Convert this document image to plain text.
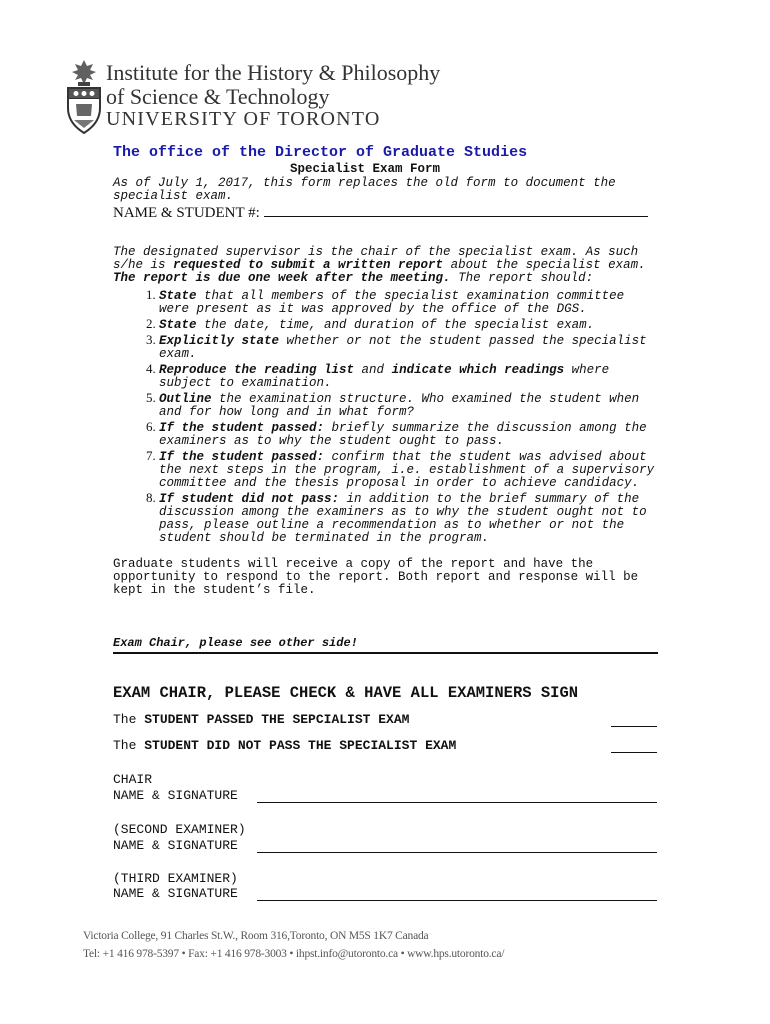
Institute for the History & Philosophy
of Science & Technology
UNIVERSITY OF TORONTO
The office of the Director of Graduate Studies
Specialist Exam Form
As of July 1, 2017, this form replaces the old form to document the specialist exam.
NAME & STUDENT #:
The designated supervisor is the chair of the specialist exam. As such s/he is requested to submit a written report about the specialist exam. The report is due one week after the meeting. The report should:
1. State that all members of the specialist examination committee were present as it was approved by the office of the DGS.
2. State the date, time, and duration of the specialist exam.
3. Explicitly state whether or not the student passed the specialist exam.
4. Reproduce the reading list and indicate which readings where subject to examination.
5. Outline the examination structure. Who examined the student when and for how long and in what form?
6. If the student passed: briefly summarize the discussion among the examiners as to why the student ought to pass.
7. If the student passed: confirm that the student was advised about the next steps in the program, i.e. establishment of a supervisory committee and the thesis proposal in order to achieve candidacy.
8. If student did not pass: in addition to the brief summary of the discussion among the examiners as to why the student ought not to pass, please outline a recommendation as to whether or not the student should be terminated in the program.
Graduate students will receive a copy of the report and have the opportunity to respond to the report. Both report and response will be kept in the student’s file.
Exam Chair, please see other side!
EXAM CHAIR, PLEASE CHECK & HAVE ALL EXAMINERS SIGN
The STUDENT PASSED THE SEPCIALIST EXAM
The STUDENT DID NOT PASS THE SPECIALIST EXAM
CHAIR
NAME & SIGNATURE
(SECOND EXAMINER)
NAME & SIGNATURE
(THIRD EXAMINER)
NAME & SIGNATURE
Victoria College, 91 Charles St.W., Room 316,Toronto, ON M5S 1K7 Canada
Tel: +1 416 978-5397 • Fax: +1 416 978-3003 • ihpst.info@utoronto.ca • www.hps.utoronto.ca/
